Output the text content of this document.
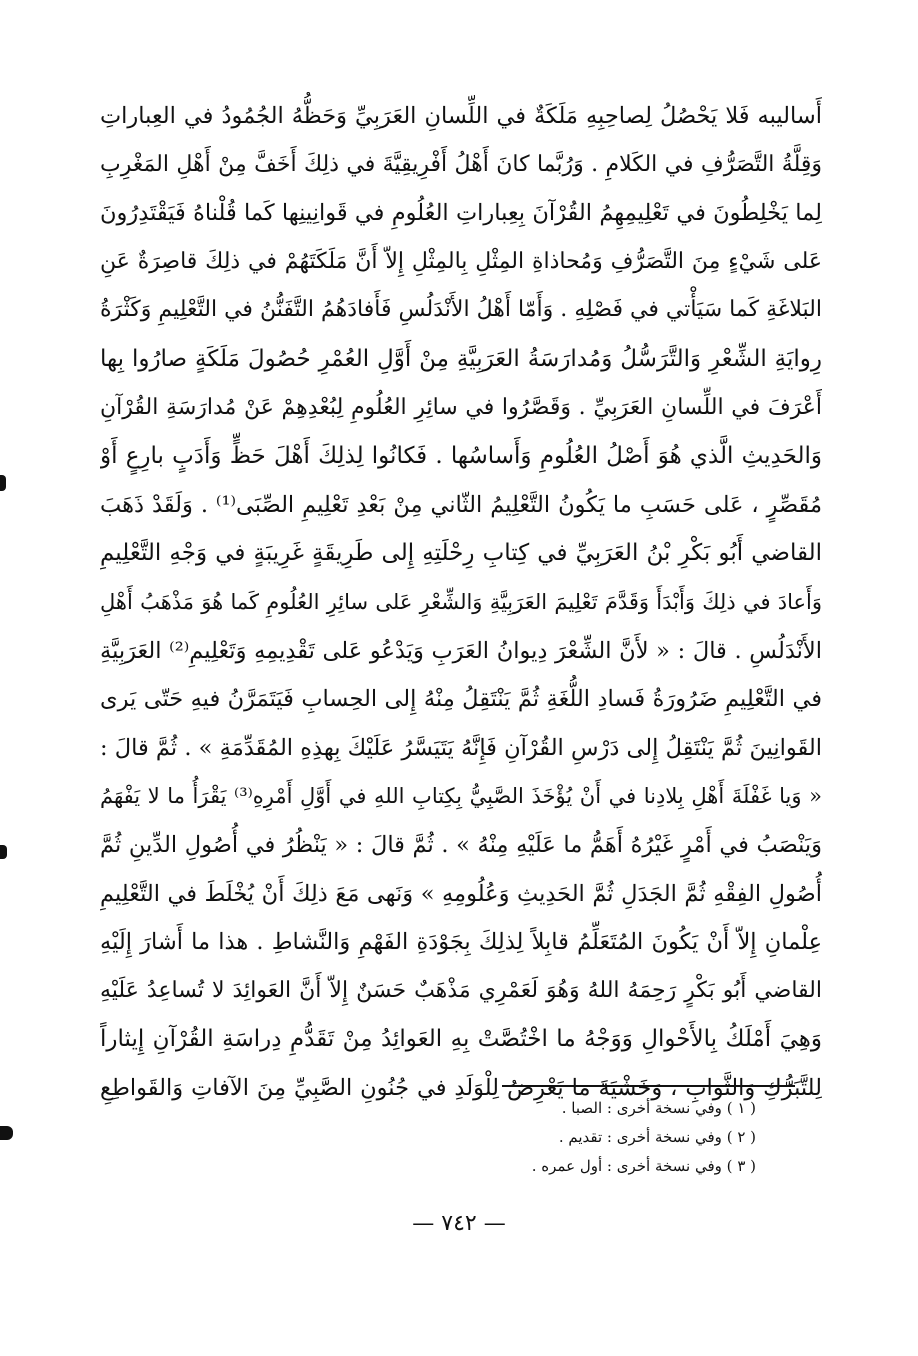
أَساليبه فَلا يَحْصُلُ لِصاحِبِهِ مَلَكَةٌ في اللِّسانِ العَرَبِيِّ وَحَظُّهُ الجُمُودُ في العِباراتِ
وَقِلَّةُ التَّصَرُّفِ في الكَلامِ . وَرُبَّما كانَ أَهْلُ أَفْرِيقِيَّةَ في ذلِكَ أَخَفَّ مِنْ أَهْلِ المَغْرِبِ
لِما يَخْلِطُونَ في تَعْلِيمِهِمُ القُرْآنَ بِعِباراتِ العُلُومِ في قَوانِينِها كَما قُلْناهُ فَيَقْتَدِرُونَ
عَلى شَيْءٍ مِنَ التَّصَرُّفِ وَمُحاذاةِ المِثْلِ بِالمِثْلِ إِلاّ أَنَّ مَلَكَتَهُمْ في ذلِكَ قاصِرَةٌ عَنِ
البَلاغَةِ كَما سَيَأْتي في فَصْلِهِ . وَأَمّا أَهْلُ الأَنْدَلُسِ فَأَفادَهُمُ التَّفَنُّنُ في التَّعْلِيمِ وَكَثْرَةُ
رِوايَةِ الشِّعْرِ وَالتَّرَسُّلُ وَمُدارَسَةُ العَرَبِيَّةِ مِنْ أَوَّلِ العُمْرِ حُصُولَ مَلَكَةٍ صارُوا بِها
أَعْرَفَ في اللِّسانِ العَرَبِيِّ . وَقَصَّرُوا في سائِرِ العُلُومِ لِبُعْدِهِمْ عَنْ مُدارَسَةِ القُرْآنِ
وَالحَدِيثِ الَّذي هُوَ أَصْلُ العُلُومِ وَأَساسُها . فَكانُوا لِذلِكَ أَهْلَ حَظٍّ وَأَدَبٍ بارِعٍ أَوْ
مُقَصِّرٍ ، عَلى حَسَبِ ما يَكُونُ التَّعْلِيمُ الثّاني مِنْ بَعْدِ تَعْلِيمِ الصِّبَى⁽¹⁾ . وَلَقَدْ ذَهَبَ
القاضي أَبُو بَكْرِ بْنُ العَرَبِيِّ في كِتابِ رِحْلَتِهِ إِلى طَرِيقَةٍ غَرِيبَةٍ في وَجْهِ التَّعْلِيمِ
وَأَعادَ في ذلِكَ وَأَبْدَأَ وَقَدَّمَ تَعْلِيمَ العَرَبِيَّةِ وَالشِّعْرِ عَلى سائِرِ العُلُومِ كَما هُوَ مَذْهَبُ أَهْلِ
الأَنْدَلُسِ . قالَ : « لأَنَّ الشِّعْرَ دِيوانُ العَرَبِ وَيَدْعُو عَلى تَقْدِيمِهِ وَتَعْلِيمِ⁽²⁾ العَرَبِيَّةِ
في التَّعْلِيمِ ضَرُورَةُ فَسادِ اللُّغَةِ ثُمَّ يَنْتَقِلُ مِنْهُ إِلى الحِسابِ فَيَتَمَرَّنُ فيهِ حَتّى يَرى
القَوانِينَ ثُمَّ يَنْتَقِلُ إِلى دَرْسِ القُرْآنِ فَإِنَّهُ يَتَيَسَّرُ عَلَيْكَ بِهذِهِ المُقَدِّمَةِ » . ثُمَّ قالَ :
« وَيا غَفْلَةَ أَهْلِ بِلادِنا في أَنْ يُؤْخَذَ الصَّبِيُّ بِكِتابِ اللهِ في أَوَّلِ أَمْرِهِ⁽³⁾ يَقْرَأُ ما لا يَفْهَمُ
وَيَنْصَبُ في أَمْرٍ غَيْرُهُ أَهَمُّ ما عَلَيْهِ مِنْهُ » . ثُمَّ قالَ : « يَنْظُرُ في أُصُولِ الدِّينِ ثُمَّ
أُصُولِ الفِقْهِ ثُمَّ الجَدَلِ ثُمَّ الحَدِيثِ وَعُلُومِهِ » وَنَهى مَعَ ذلِكَ أَنْ يُخْلَطَ في التَّعْلِيمِ
عِلْمانِ إِلاّ أَنْ يَكُونَ المُتَعَلِّمُ قابِلاً لِذلِكَ بِجَوْدَةِ الفَهْمِ وَالنَّشاطِ . هذا ما أَشارَ إِلَيْهِ
القاضي أَبُو بَكْرٍ رَحِمَهُ اللهُ وَهُوَ لَعَمْرِي مَذْهَبٌ حَسَنٌ إِلاّ أَنَّ العَوائِدَ لا تُساعِدُ عَلَيْهِ
وَهِيَ أَمْلَكُ بِالأَحْوالِ وَوَجْهُ ما اخْتُصَّتْ بِهِ العَوائِدُ مِنْ تَقَدُّمِ دِراسَةِ القُرْآنِ إِيثاراً
لِلتَّبَرُّكِ وَالثَّوابِ ، وَخَشْيَةَ ما يَعْرِضُ لِلْوَلَدِ في جُنُونِ الصَّبِيِّ مِنَ الآفاتِ وَالقَواطِعِ
( ١ ) وفي نسخة أخرى : الصبا .
( ٢ ) وفي نسخة أخرى : تقديم .
( ٣ ) وفي نسخة أخرى : أول عمره .
— ٧٤٢ —
